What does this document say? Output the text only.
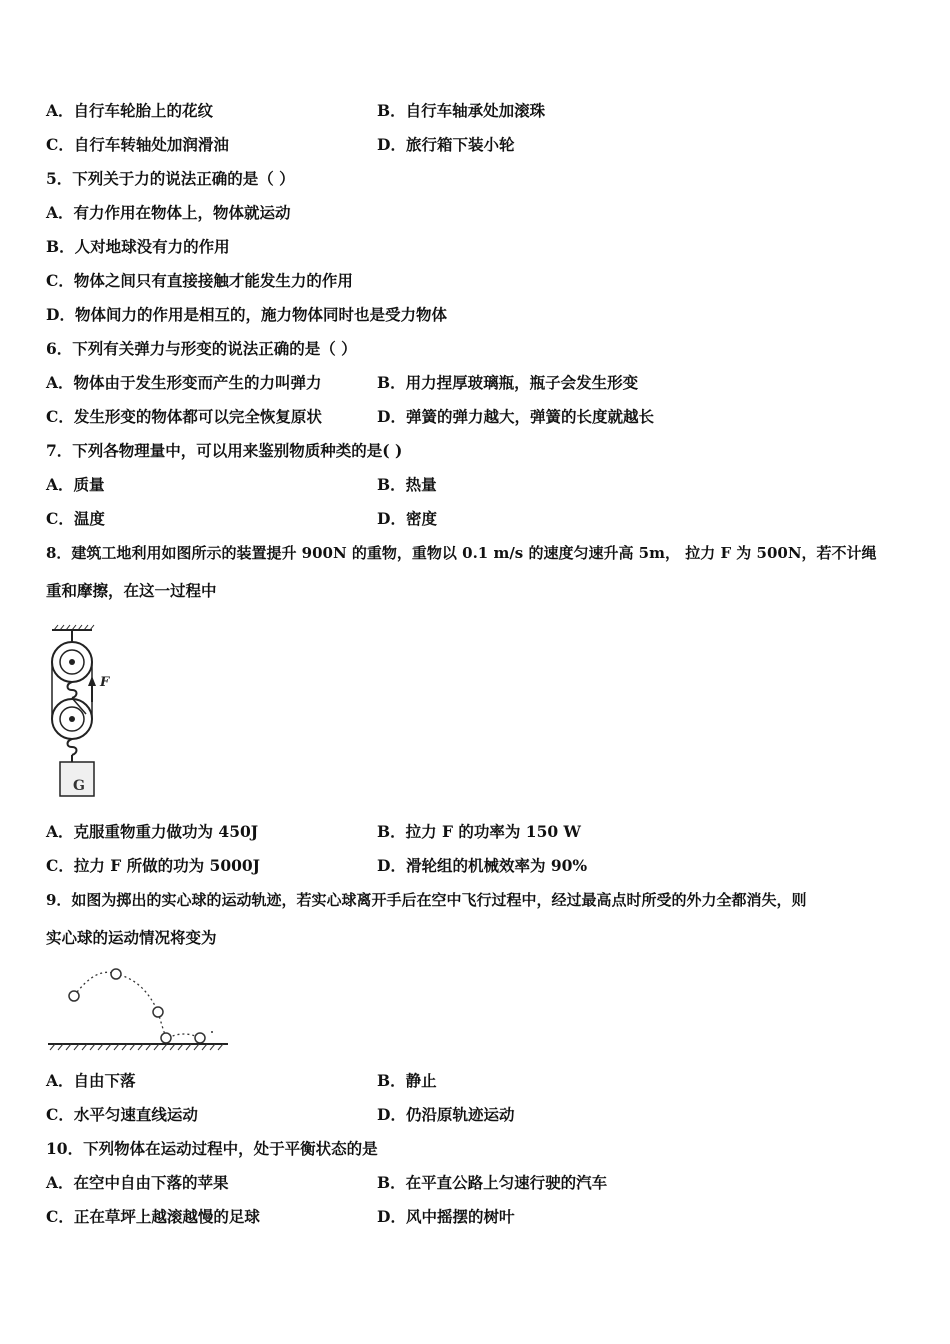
A．自行车轮胎上的花纹	B．自行车轴承处加滚珠
C．自行车转轴处加润滑油	D．旅行箱下装小轮
5．下列关于力的说法正确的是（ ）
A．有力作用在物体上，物体就运动
B．人对地球没有力的作用
C．物体之间只有直接接触才能发生力的作用
D．物体间力的作用是相互的，施力物体同时也是受力物体
6．下列有关弹力与形变的说法正确的是（ ）
A．物体由于发生形变而产生的力叫弹力	B．用力捏厚玻璃瓶，瓶子会发生形变
C．发生形变的物体都可以完全恢复原状	D．弹簧的弹力越大，弹簧的长度就越长
7．下列各物理量中，可以用来鉴别物质种类的是( )
A．质量	B．热量
C．温度	D．密度
8．建筑工地利用如图所示的装置提升 900N 的重物，重物以 0.1 m/s 的速度匀速升高 5m， 拉力 F 为 500N，若不计绳
重和摩擦，在这一过程中
F
G
A．克服重物重力做功为 450J	B．拉力 F 的功率为 150 W
C．拉力 F 所做的功为 5000J	D．滑轮组的机械效率为 90%
9．如图为掷出的实心球的运动轨迹，若实心球离开手后在空中飞行过程中，经过最高点时所受的外力全都消失，则
实心球的运动情况将变为
A．自由下落	B．静止
C．水平匀速直线运动	D．仍沿原轨迹运动
10．下列物体在运动过程中，处于平衡状态的是
A．在空中自由下落的苹果	B．在平直公路上匀速行驶的汽车
C．正在草坪上越滚越慢的足球	D．风中摇摆的树叶
